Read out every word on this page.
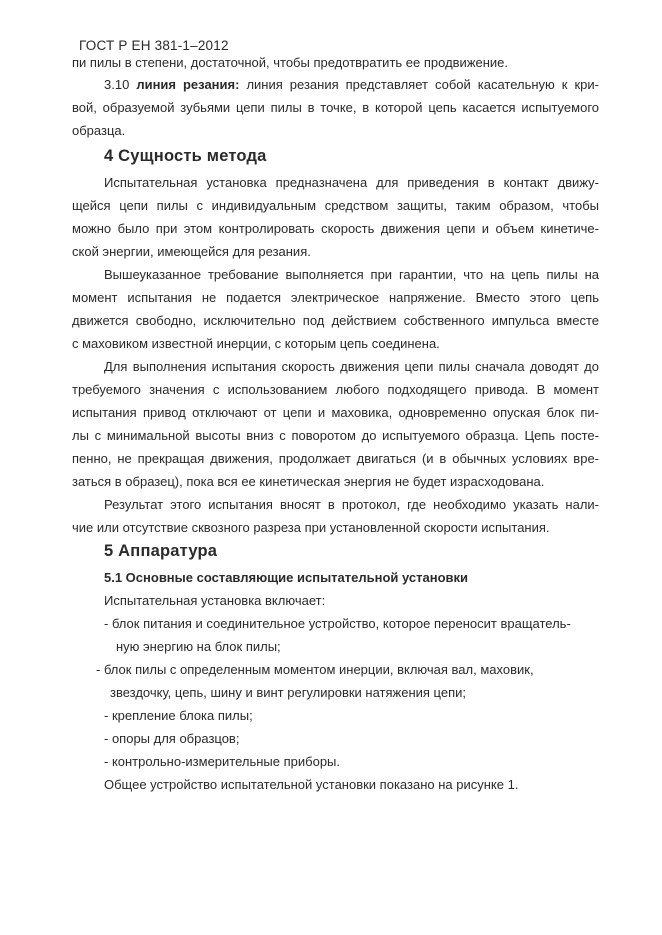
ГОСТ Р ЕН 381-1–2012
пи пилы в степени, достаточной, чтобы предотвратить ее продвижение.
3.10 линия резания: линия резания представляет собой касательную к кри-
вой, образуемой зубьями цепи пилы в точке, в которой цепь касается испытуемого
образца.
4 Сущность метода
Испытательная установка предназначена для приведения в контакт движу-
щейся цепи пилы с индивидуальным средством защиты, таким образом, чтобы
можно было при этом контролировать скорость движения цепи и объем кинетиче-
ской энергии, имеющейся для резания.
Вышеуказанное требование выполняется при гарантии, что на цепь пилы на
момент испытания не подается электрическое напряжение. Вместо этого цепь
движется свободно, исключительно под действием собственного импульса вместе
с маховиком известной инерции, с которым цепь соединена.
Для выполнения испытания скорость движения цепи пилы сначала доводят до
требуемого значения с использованием любого подходящего привода. В момент
испытания привод отключают от цепи и маховика, одновременно опуская блок пи-
лы с минимальной высоты вниз с поворотом до испытуемого образца. Цепь посте-
пенно, не прекращая движения, продолжает двигаться (и в обычных условиях вре-
заться в образец), пока вся ее кинетическая энергия не будет израсходована.
Результат этого испытания вносят в протокол, где необходимо указать нали-
чие или отсутствие сквозного разреза при установленной скорости испытания.
5 Аппаратура
5.1 Основные составляющие испытательной установки
Испытательная установка включает:
- блок питания и соединительное устройство, которое переносит вращатель-
ную энергию на блок пилы;
- блок пилы с определенным моментом инерции, включая вал, маховик,
звездочку, цепь, шину и винт регулировки натяжения цепи;
- крепление блока пилы;
- опоры для образцов;
- контрольно-измерительные приборы.
Общее устройство испытательной установки показано на рисунке 1.
